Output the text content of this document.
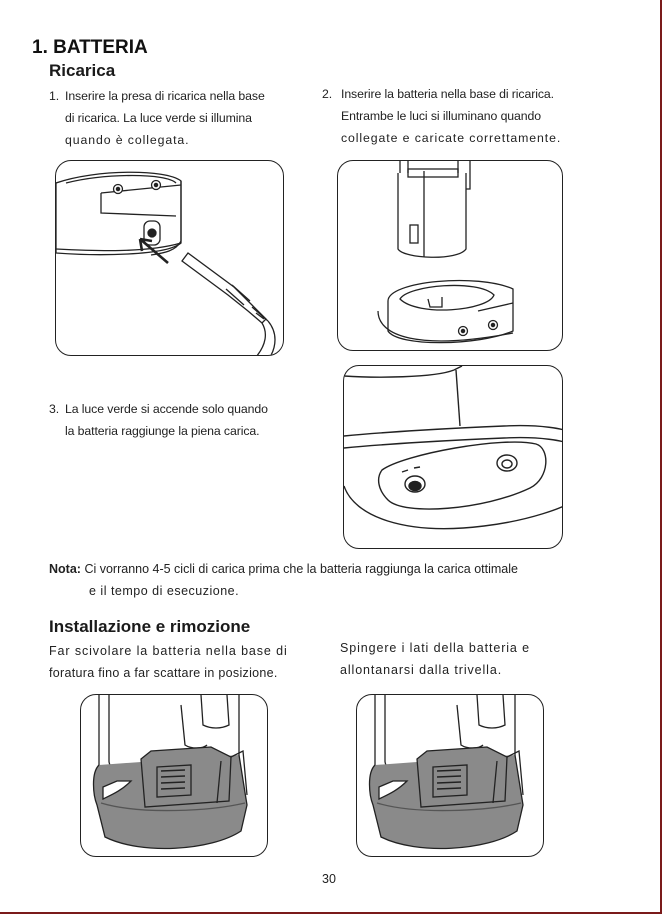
1. BATTERIA
Ricarica
1. Inserire la presa di ricarica nella base
di ricarica. La luce verde si illumina
quando è collegata.
2. Inserire la batteria nella base di ricarica.
Entrambe le luci si illuminano quando
collegate e caricate correttamente.
3. La luce verde si accende solo quando
la batteria raggiunge la piena carica.
Nota: Ci vorranno 4-5 cicli di carica prima che la batteria raggiunga la carica ottimale
e il tempo di esecuzione.
Installazione e rimozione
Far scivolare la batteria nella base di
foratura fino a far scattare in posizione.
Spingere i lati della batteria e
allontanarsi dalla trivella.
30
